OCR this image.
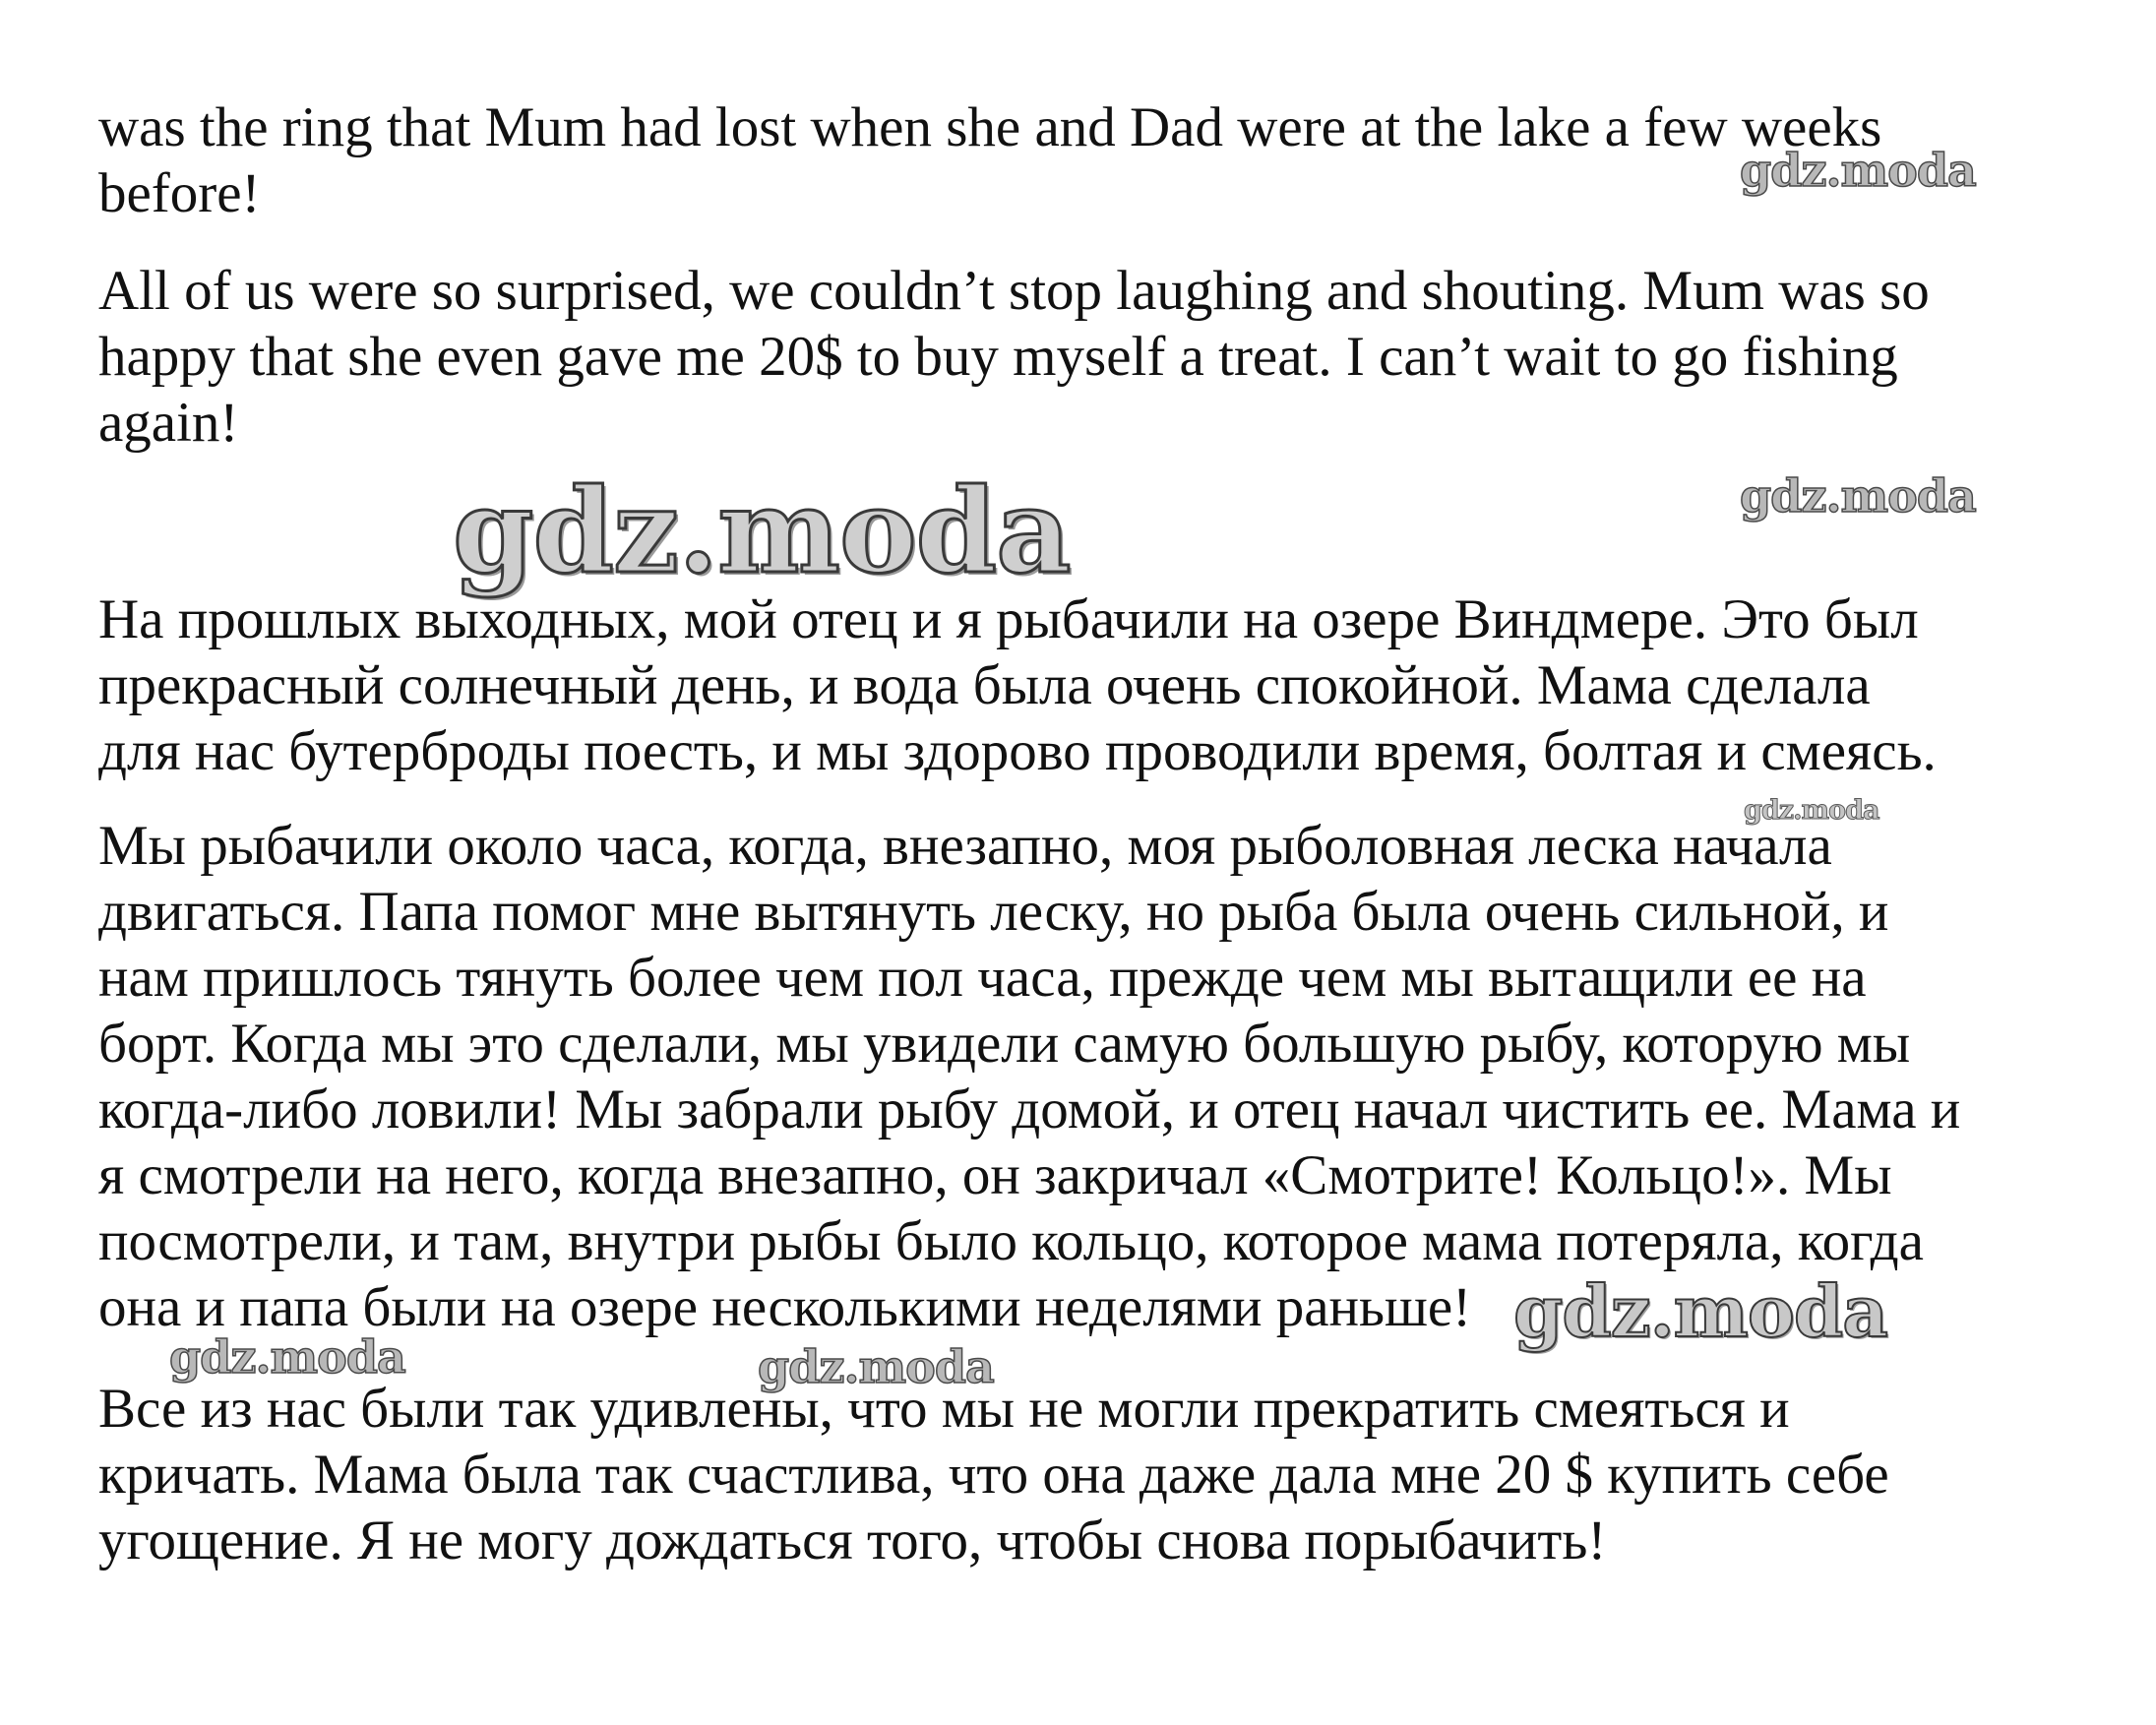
was the ring that Mum had lost when she and Dad were at the lake a few weeks
before!

All of us were so surprised, we couldn’t stop laughing and shouting. Mum was so
happy that she even gave me 20$ to buy myself a treat. I can’t wait to go fishing
again!

На прошлых выходных, мой отец и я рыбачили на озере Виндмере. Это был
прекрасный солнечный день, и вода была очень спокойной. Мама сделала
для нас бутерброды поесть, и мы здорово проводили время, болтая и смеясь.

Мы рыбачили около часа, когда, внезапно, моя рыболовная леска начала
двигаться. Папа помог мне вытянуть леску, но рыба была очень сильной, и
нам пришлось тянуть более чем пол часа, прежде чем мы вытащили ее на
борт. Когда мы это сделали, мы увидели самую большую рыбу, которую мы
когда-либо ловили! Мы забрали рыбу домой, и отец начал чистить ее. Мама и
я смотрели на него, когда внезапно, он закричал «Смотрите! Кольцо!». Мы
посмотрели, и там, внутри рыбы было кольцо, которое мама потеряла, когда
она и папа были на озере несколькими неделями раньше!

Все из нас были так удивлены, что мы не могли прекратить смеяться и
кричать. Мама была так счастлива, что она даже дала мне 20 $ купить себе
угощение. Я не могу дождаться того, чтобы снова порыбачить!

gdz.moda
gdz.moda
gdz.moda
gdz.moda
gdz.moda
gdz.moda	gdz.moda
